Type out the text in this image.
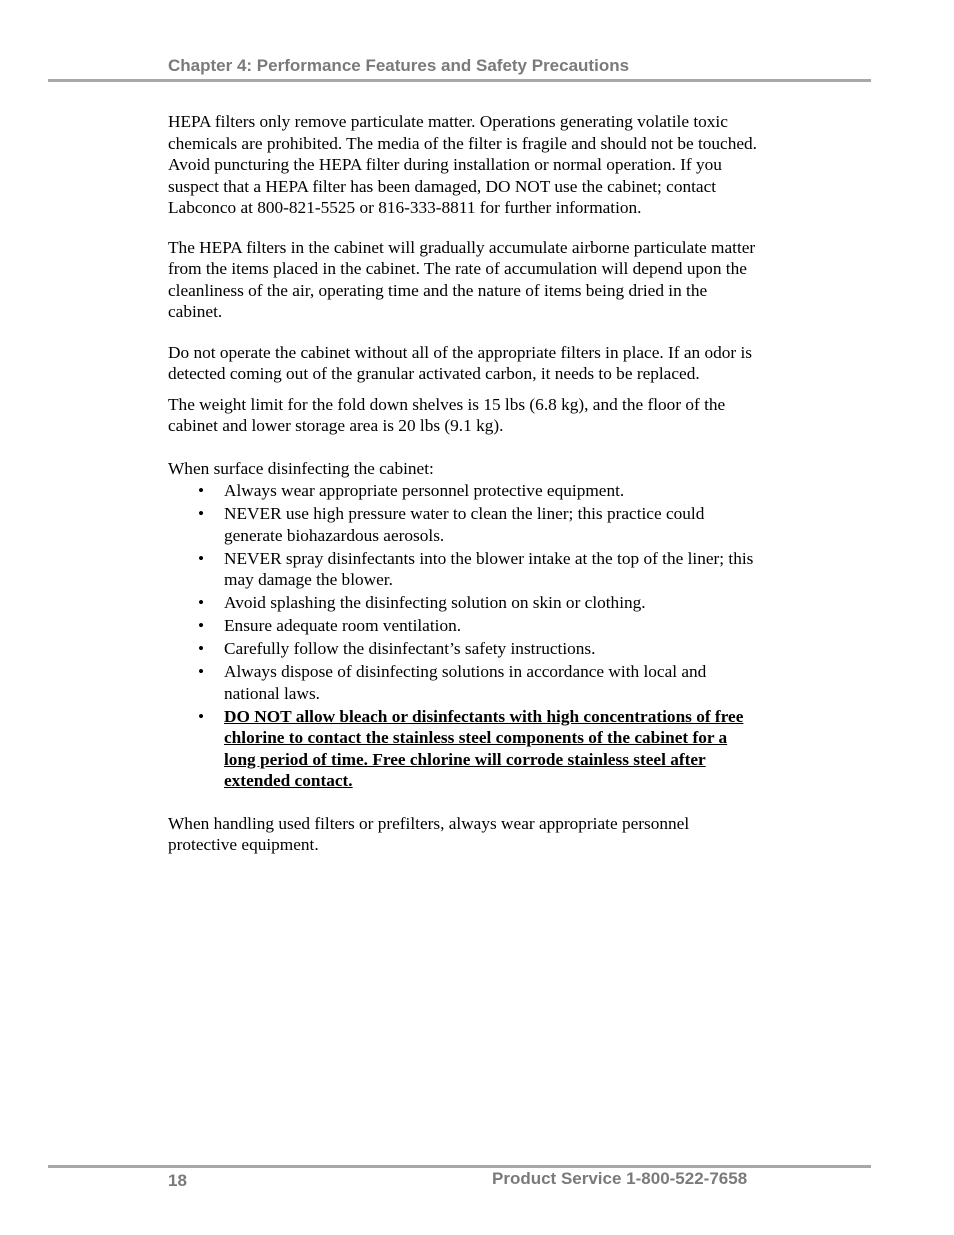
Chapter 4: Performance Features and Safety Precautions

HEPA filters only remove particulate matter. Operations generating volatile toxic chemicals are prohibited. The media of the filter is fragile and should not be touched. Avoid puncturing the HEPA filter during installation or normal operation. If you suspect that a HEPA filter has been damaged, DO NOT use the cabinet; contact Labconco at 800-821-5525 or 816-333-8811 for further information.

The HEPA filters in the cabinet will gradually accumulate airborne particulate matter from the items placed in the cabinet. The rate of accumulation will depend upon the cleanliness of the air, operating time and the nature of items being dried in the cabinet.

Do not operate the cabinet without all of the appropriate filters in place. If an odor is detected coming out of the granular activated carbon, it needs to be replaced.

The weight limit for the fold down shelves is 15 lbs (6.8 kg), and the floor of the cabinet and lower storage area is 20 lbs (9.1 kg).

When surface disinfecting the cabinet:

• Always wear appropriate personnel protective equipment.
• NEVER use high pressure water to clean the liner; this practice could generate biohazardous aerosols.
• NEVER spray disinfectants into the blower intake at the top of the liner; this may damage the blower.
• Avoid splashing the disinfecting solution on skin or clothing.
• Ensure adequate room ventilation.
• Carefully follow the disinfectant’s safety instructions.
• Always dispose of disinfecting solutions in accordance with local and national laws.
• DO NOT allow bleach or disinfectants with high concentrations of free chlorine to contact the stainless steel components of the cabinet for a long period of time. Free chlorine will corrode stainless steel after extended contact.

When handling used filters or prefilters, always wear appropriate personnel protective equipment.

18	Product Service 1-800-522-7658
